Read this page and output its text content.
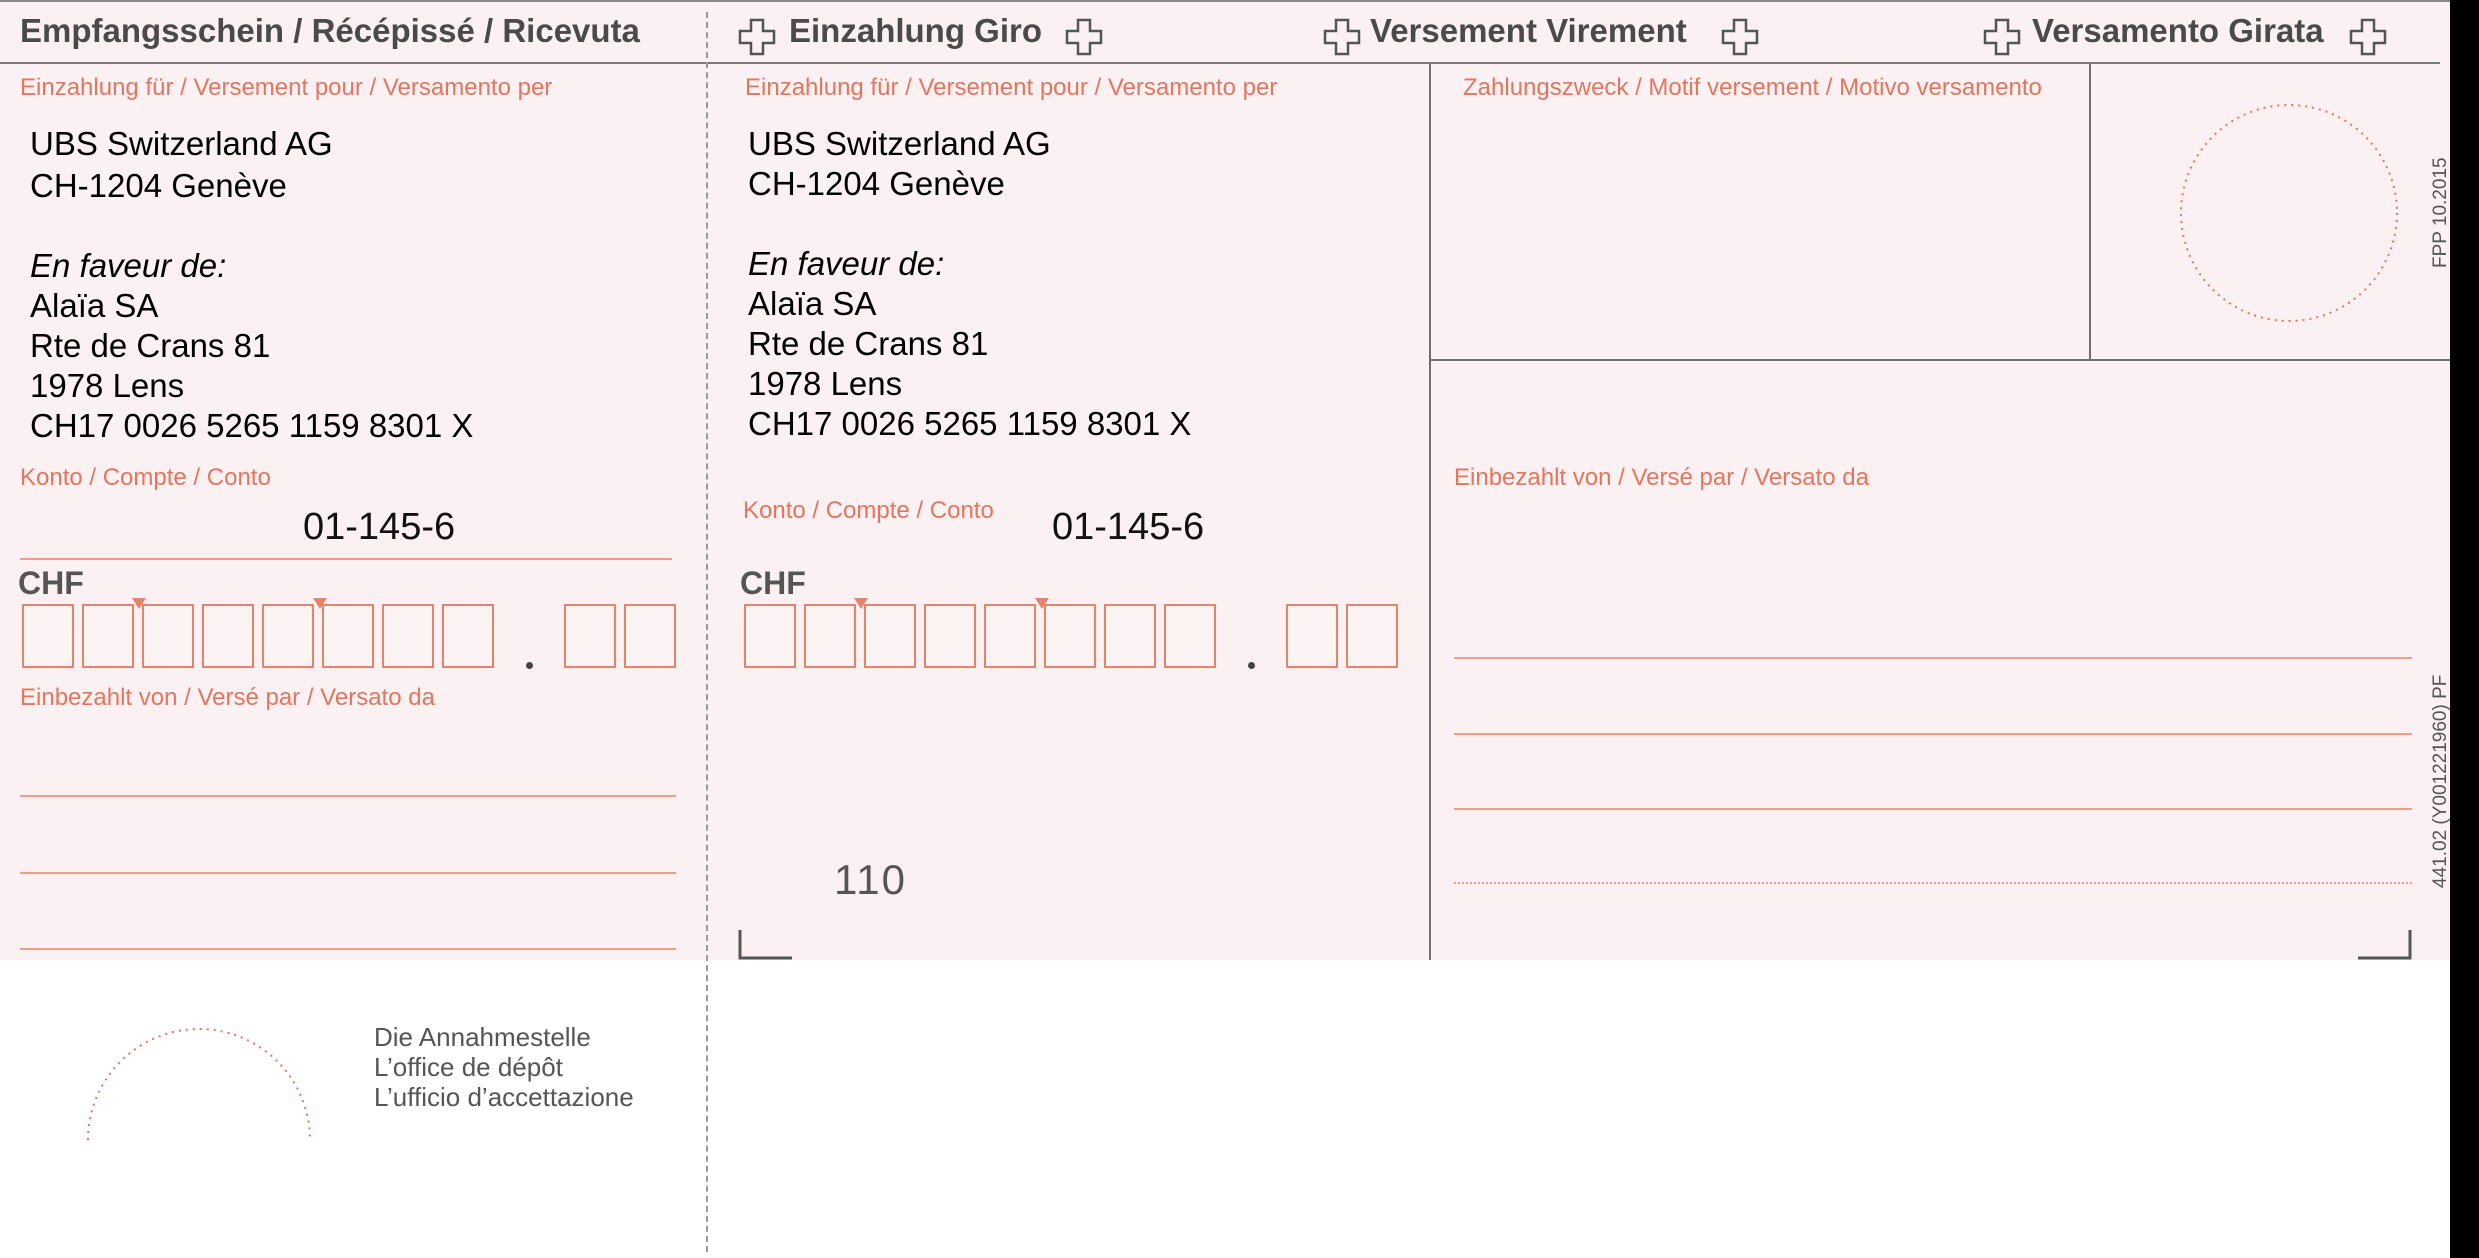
Empfangsschein / Récépissé / Ricevuta	Einzahlung Giro	Versement Virement	Versamento Girata
Einzahlung für / Versement pour / Versamento per
UBS Switzerland AG
CH-1204 Genève
En faveur de:
Alaïa SA
Rte de Crans 81
1978 Lens
CH17 0026 5265 1159 8301 X
Konto / Compte / Conto
01-145-6
CHF
Einbezahlt von / Versé par / Versato da
Die Annahmestelle
L’office de dépôt
L’ufficio d’accettazione
Einzahlung für / Versement pour / Versamento per
UBS Switzerland AG
CH-1204 Genève
En faveur de:
Alaïa SA
Rte de Crans 81
1978 Lens
CH17 0026 5265 1159 8301 X
Konto / Compte / Conto 01-145-6
CHF
110
Zahlungszweck / Motif versement / Motivo versamento
FPP 10.2015
441.02 (Y001221960) PF
Einbezahlt von / Versé par / Versato da
